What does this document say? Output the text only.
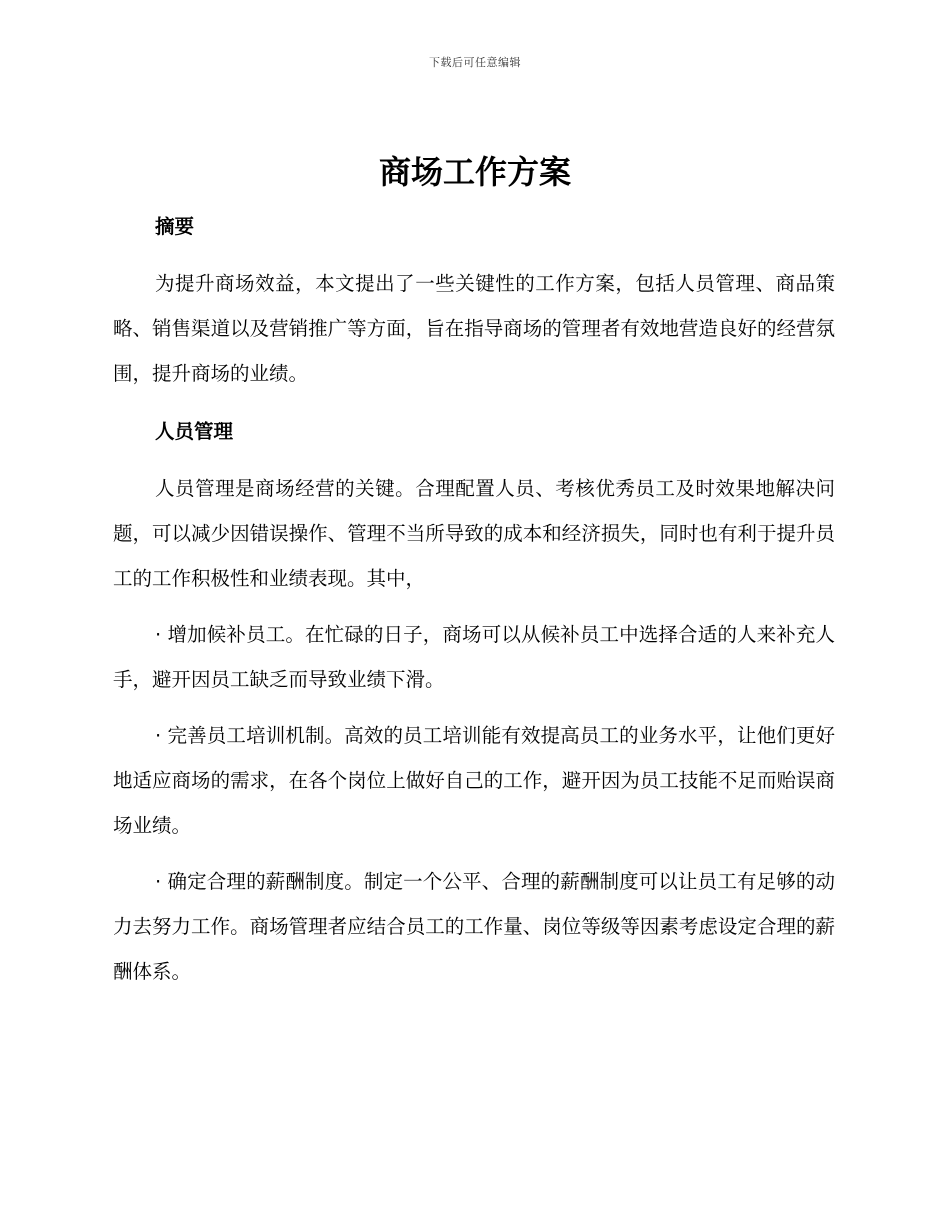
下载后可任意编辑
商场工作方案

摘要

为提升商场效益，本文提出了一些关键性的工作方案，包括人员管理、商品策略、销售渠道以及营销推广等方面，旨在指导商场的管理者有效地营造良好的经营氛围，提升商场的业绩。

人员管理

人员管理是商场经营的关键。合理配置人员、考核优秀员工及时效果地解决问题，可以减少因错误操作、管理不当所导致的成本和经济损失，同时也有利于提升员工的工作积极性和业绩表现。其中，

· 增加候补员工。在忙碌的日子，商场可以从候补员工中选择合适的人来补充人手，避开因员工缺乏而导致业绩下滑。

· 完善员工培训机制。高效的员工培训能有效提高员工的业务水平，让他们更好地适应商场的需求，在各个岗位上做好自己的工作，避开因为员工技能不足而贻误商场业绩。

· 确定合理的薪酬制度。制定一个公平、合理的薪酬制度可以让员工有足够的动力去努力工作。商场管理者应结合员工的工作量、岗位等级等因素考虑设定合理的薪酬体系。
